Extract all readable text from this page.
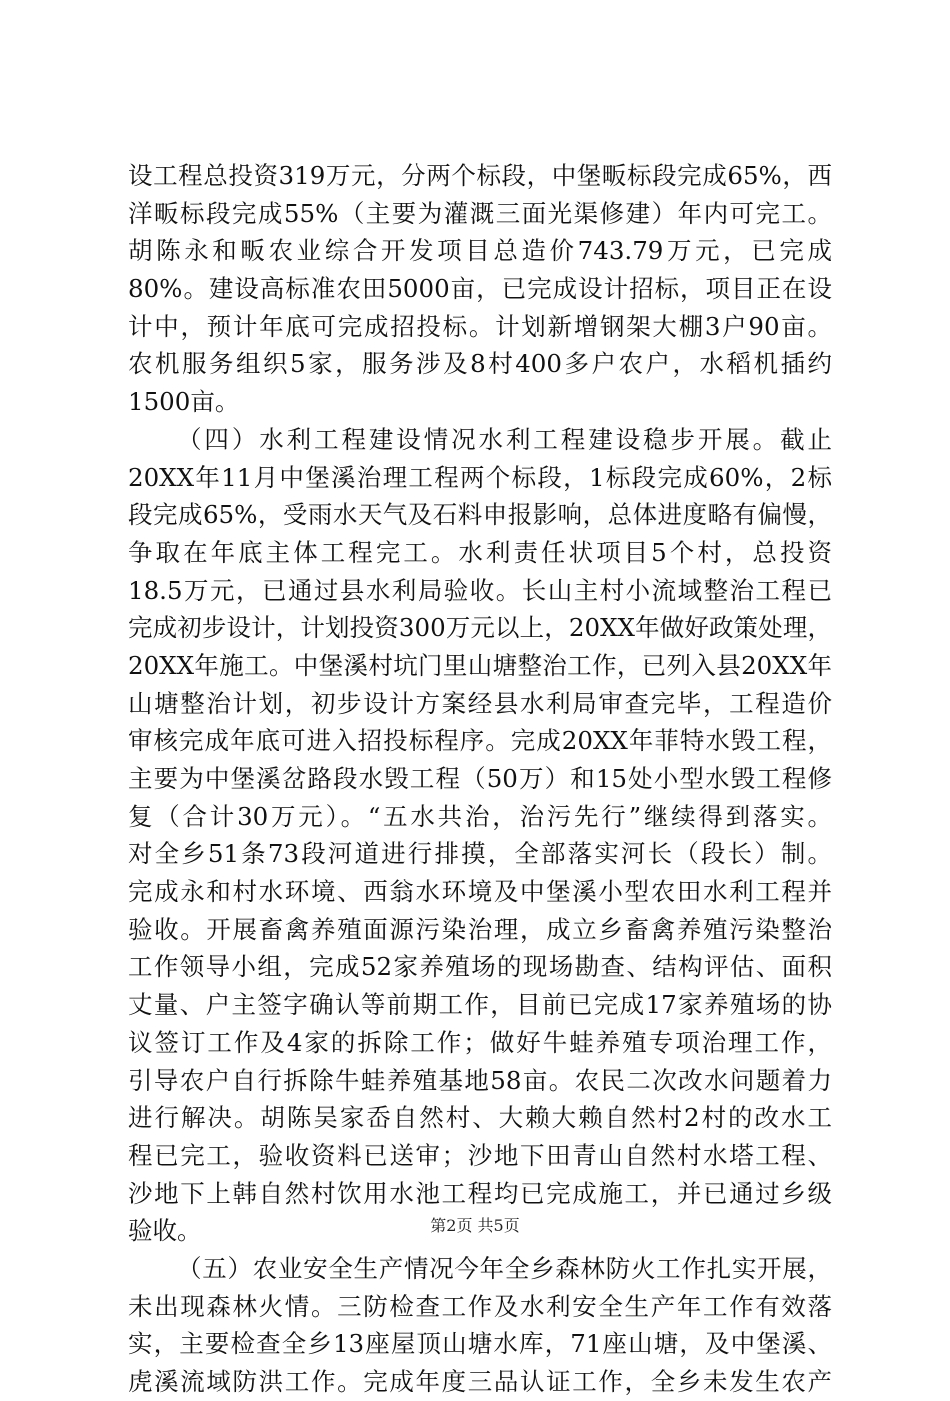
设工程总投资319万元，分两个标段，中堡畈标段完成65%，西
洋畈标段完成55%（主要为灌溉三面光渠修建）年内可完工。
胡陈永和畈农业综合开发项目总造价743.79万元，已完成
80%。建设高标准农田5000亩，已完成设计招标，项目正在设
计中，预计年底可完成招投标。计划新增钢架大棚3户90亩。
农机服务组织5家，服务涉及8村400多户农户，水稻机插约
1500亩。
（四）水利工程建设情况水利工程建设稳步开展。截止
20XX年11月中堡溪治理工程两个标段，1标段完成60%，2标
段完成65%，受雨水天气及石料申报影响，总体进度略有偏慢，
争取在年底主体工程完工。水利责任状项目5个村，总投资
18.5万元，已通过县水利局验收。长山主村小流域整治工程已
完成初步设计，计划投资300万元以上，20XX年做好政策处理，
20XX年施工。中堡溪村坑门里山塘整治工作，已列入县20XX年
山塘整治计划，初步设计方案经县水利局审查完毕，工程造价
审核完成年底可进入招投标程序。完成20XX年菲特水毁工程，
主要为中堡溪岔路段水毁工程（50万）和15处小型水毁工程修
复（合计30万元）。“五水共治，治污先行”继续得到落实。
对全乡51条73段河道进行排摸，全部落实河长（段长）制。
完成永和村水环境、西翁水环境及中堡溪小型农田水利工程并
验收。开展畜禽养殖面源污染治理，成立乡畜禽养殖污染整治
工作领导小组，完成52家养殖场的现场勘查、结构评估、面积
丈量、户主签字确认等前期工作，目前已完成17家养殖场的协
议签订工作及4家的拆除工作；做好牛蛙养殖专项治理工作，
引导农户自行拆除牛蛙养殖基地58亩。农民二次改水问题着力
进行解决。胡陈吴家岙自然村、大赖大赖自然村2村的改水工
程已完工，验收资料已送审；沙地下田青山自然村水塔工程、
沙地下上韩自然村饮用水池工程均已完成施工，并已通过乡级
验收。
（五）农业安全生产情况今年全乡森林防火工作扎实开展，
未出现森林火情。三防检查工作及水利安全生产年工作有效落
实，主要检查全乡13座屋顶山塘水库，71座山塘，及中堡溪、
虎溪流域防洪工作。完成年度三品认证工作，全乡未发生农产
第2页 共5页
